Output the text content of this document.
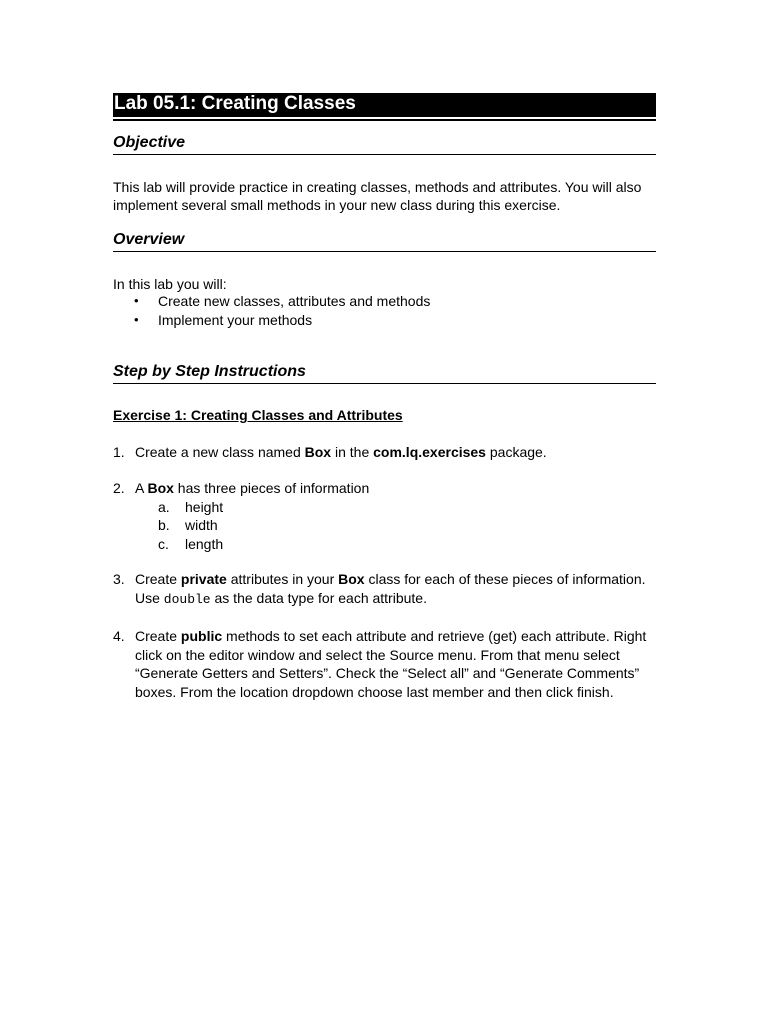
Lab 05.1: Creating Classes
Objective
This lab will provide practice in creating classes, methods and attributes. You will also implement several small methods in your new class during this exercise.
Overview
In this lab you will:
• Create new classes, attributes and methods
• Implement your methods
Step by Step Instructions
Exercise 1: Creating Classes and Attributes
1. Create a new class named Box in the com.lq.exercises package.
2. A Box has three pieces of information
a. height
b. width
c. length
3. Create private attributes in your Box class for each of these pieces of information. Use double as the data type for each attribute.
4. Create public methods to set each attribute and retrieve (get) each attribute. Right click on the editor window and select the Source menu. From that menu select “Generate Getters and Setters”. Check the “Select all” and “Generate Comments” boxes. From the location dropdown choose last member and then click finish.
